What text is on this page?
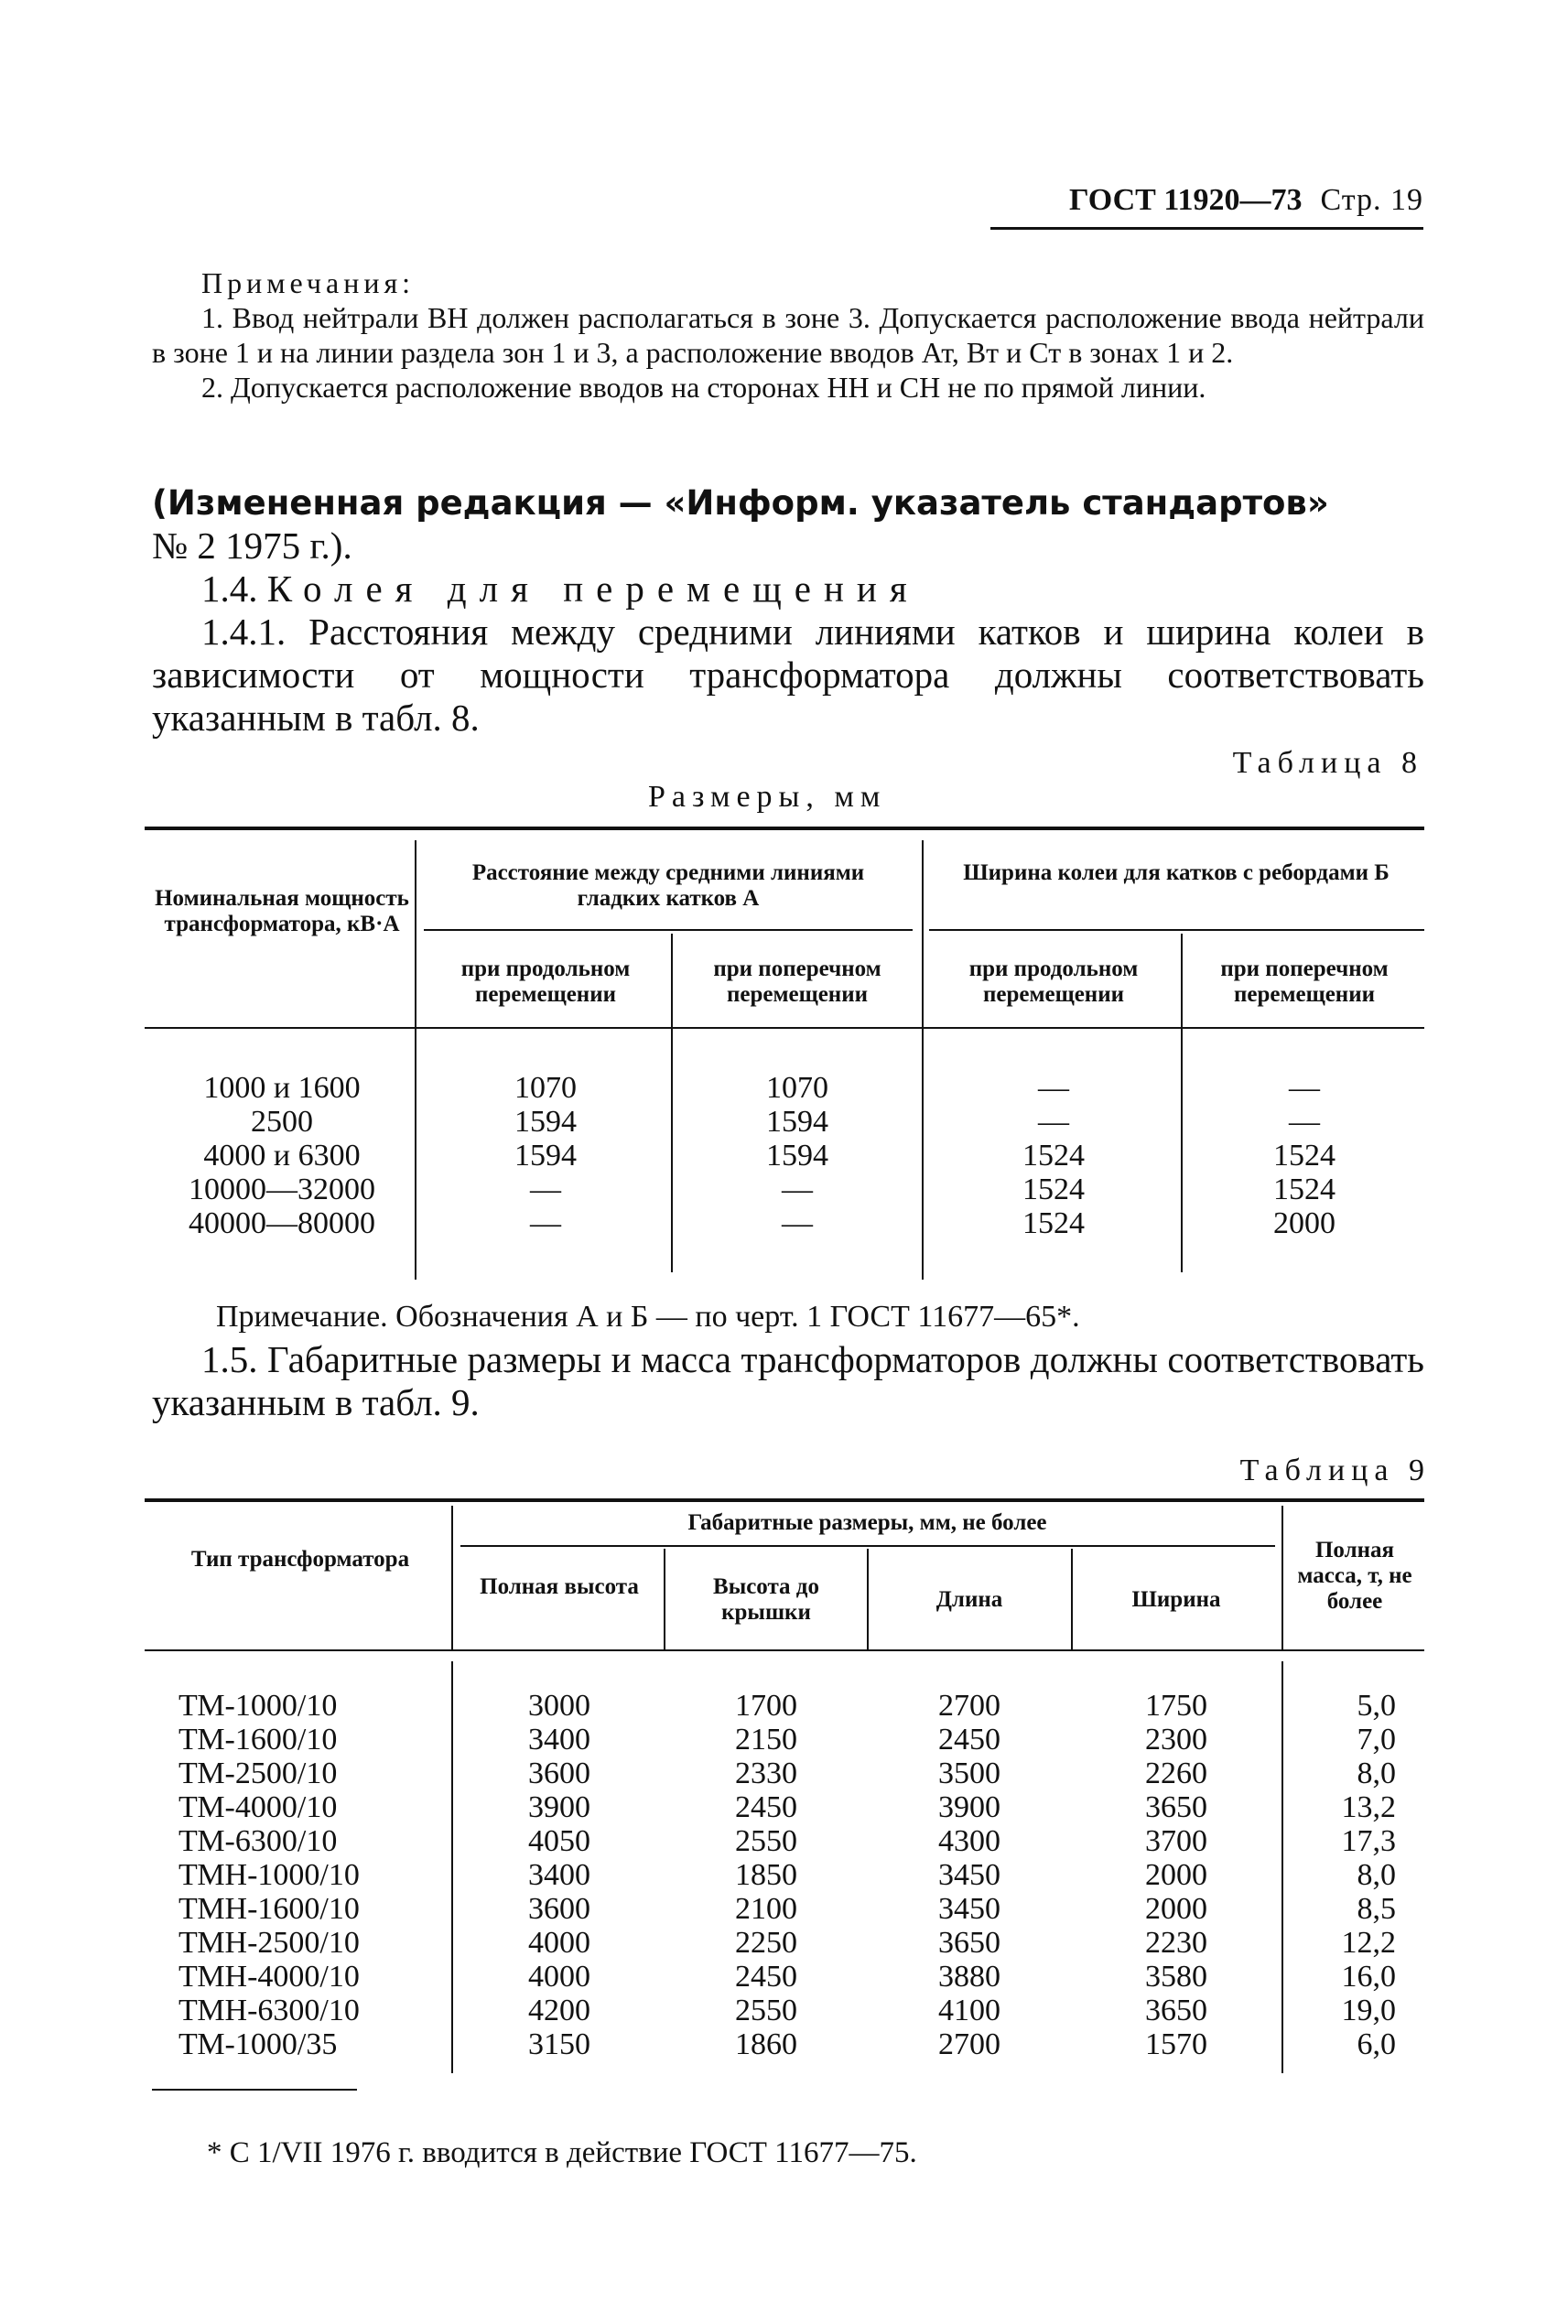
ГОСТ 11920—73 Стр. 19

Примечания:

1. Ввод нейтрали ВН должен располагаться в зоне 3. Допускается расположение ввода нейтрали в зоне 1 и на линии раздела зон 1 и 3, а расположение вводов Ат, Вт и Ст в зонах 1 и 2.

2. Допускается расположение вводов на сторонах НН и СН не по прямой линии.

(Измененная редакция — «Информ. указатель стандартов»

№ 2 1975 г.).

1.4. Колея для перемещения

1.4.1. Расстояния между средними линиями катков и ширина колеи в зависимости от мощности трансформатора должны соответствовать указанным в табл. 8.

Таблица 8
Размеры, мм
Номинальная мощность трансформатора, кВ·А
Расстояние между средними линиями гладких катков А
Ширина колеи для катков с ребордами Б
при продольном перемещении
при поперечном перемещении
при продольном перемещении
при поперечном перемещении
1000 и 1600	1070	1070	—	—
2500	1594	1594	—	—
4000 и 6300	1594	1594	1524	1524
10000—32000	—	—	1524	1524
40000—80000	—	—	1524	2000
Примечание. Обозначения А и Б — по черт. 1 ГОСТ 11677—65*.

1.5. Габаритные размеры и масса трансформаторов должны соответствовать указанным в табл. 9.

Таблица 9
Тип трансформатора
Габаритные размеры, мм, не более
Полная высота	Высота до крышки
Длина	Ширина
Полная масса, т, не более
ТМ-1000/10	3000	1700	2700	1750	5,0
ТМ-1600/10	3400	2150	2450	2300	7,0
ТМ-2500/10	3600	2330	3500	2260	8,0
ТМ-4000/10	3900	2450	3900	3650	13,2
ТМ-6300/10	4050	2550	4300	3700	17,3
ТМН-1000/10	3400	1850	3450	2000	8,0
ТМН-1600/10	3600	2100	3450	2000	8,5
ТМН-2500/10	4000	2250	3650	2230	12,2
ТМН-4000/10	4000	2450	3880	3580	16,0
ТМН-6300/10	4200	2550	4100	3650	19,0
ТМ-1000/35	3150	1860	2700	1570	6,0
* С 1/VII 1976 г. вводится в действие ГОСТ 11677—75.
